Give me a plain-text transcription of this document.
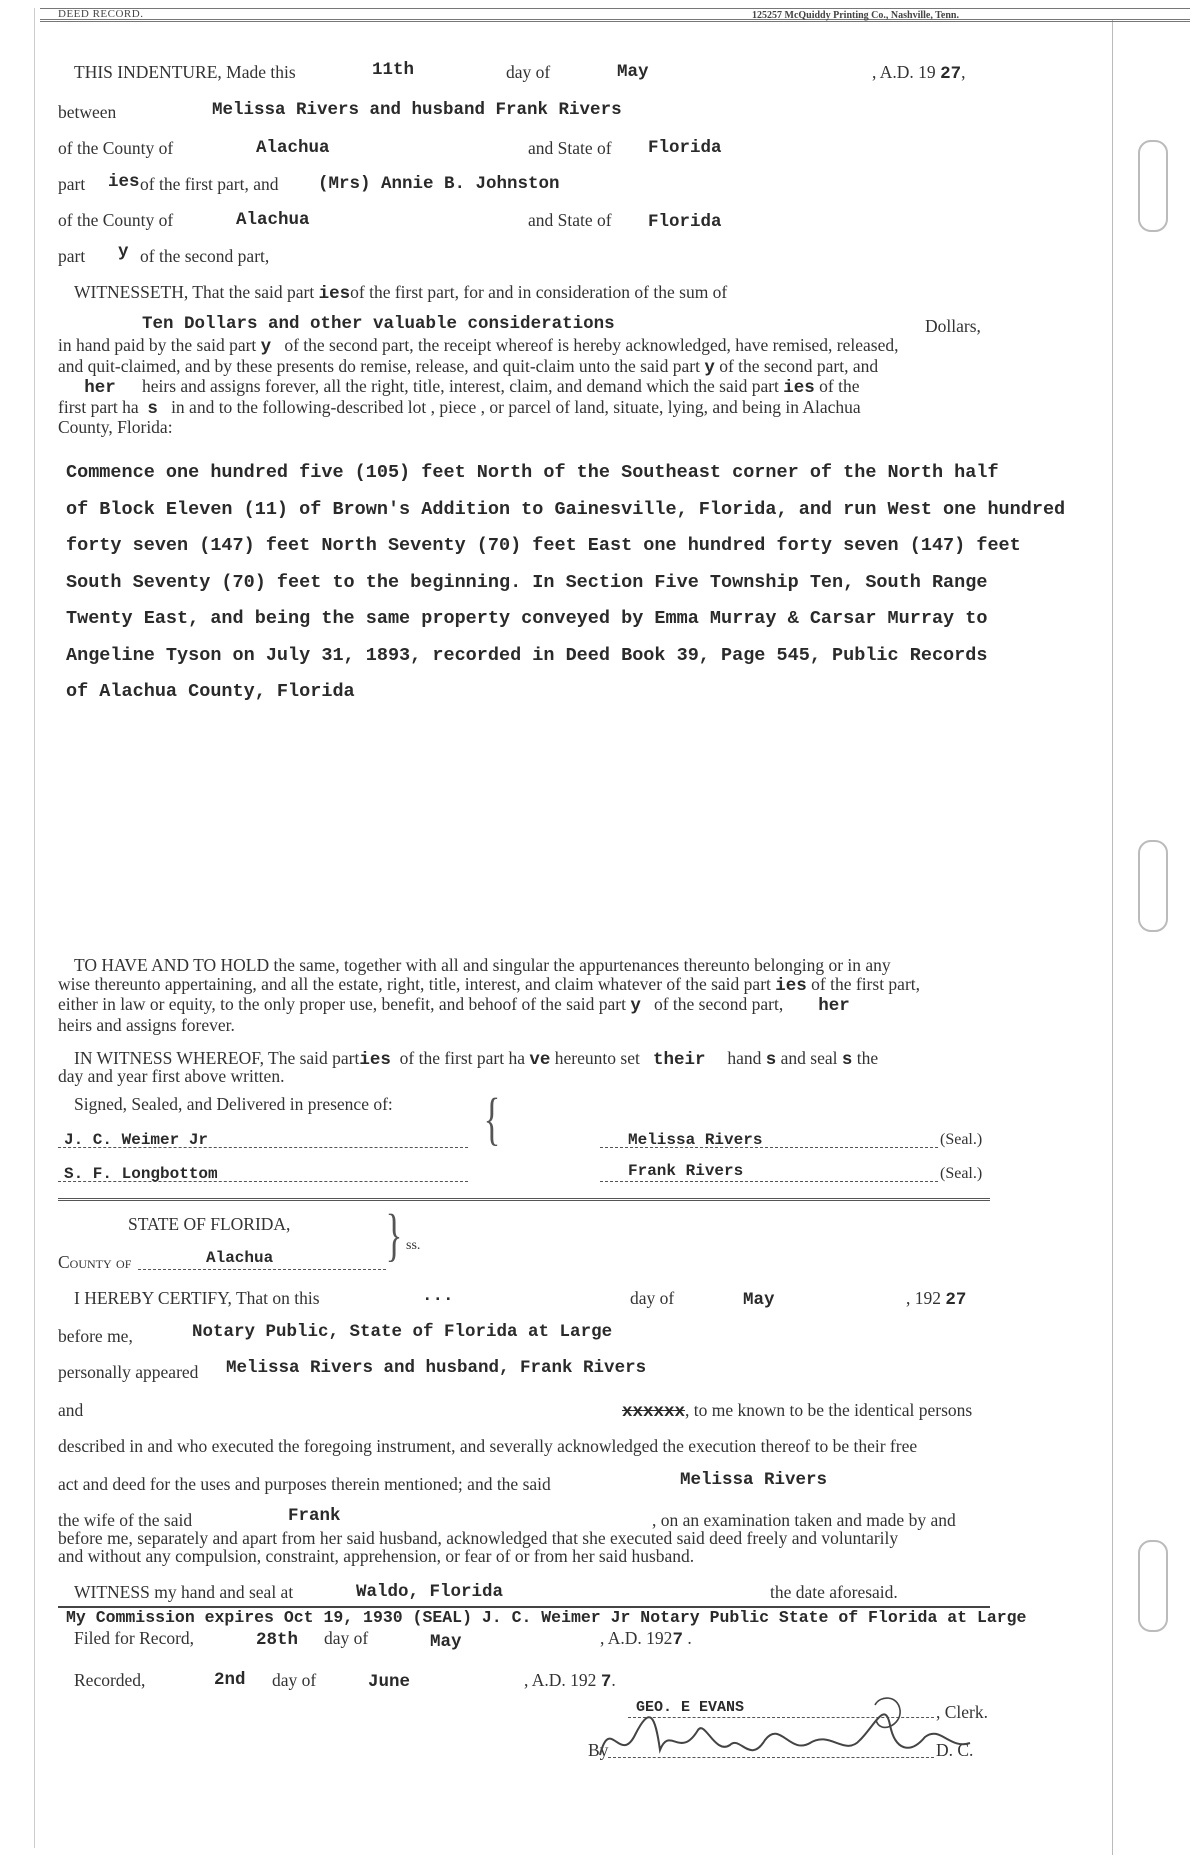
DEED RECORD.	125257 McQuiddy Printing Co., Nashville, Tenn.
THIS INDENTURE, Made this	11th	day of	May	, A.D. 19 27,
between	Melissa Rivers and husband Frank Rivers
of the County of	Alachua	and State of Florida
part ies of the first part, and (Mrs) Annie B. Johnston
of the County of	Alachua	and State of Florida
part y of the second part,
WITNESSETH, That the said part iesof the first part, for and in consideration of the sum of
Ten Dollars and other valuable considerations	Dollars,
in hand paid by the said part y of the second part, the receipt whereof is hereby acknowledged, have remised, released,
and quit-claimed, and by these presents do remise, release, and quit-claim unto the said part y of the second part, and
her heirs and assigns forever, all the right, title, interest, claim, and demand which the said part ies of the
first part ha s in and to the following-described lot , piece , or parcel of land, situate, lying, and being in Alachua
County, Florida:
Commence one hundred five (105) feet North of the Southeast corner of the North half
of Block Eleven (11) of Brown's Addition to Gainesville, Florida, and run West one hundred
forty seven (147) feet North Seventy (70) feet East one hundred forty seven (147) feet
South Seventy (70) feet to the beginning. In Section Five Township Ten, South Range
Twenty East, and being the same property conveyed by Emma Murray & Carsar Murray to
Angeline Tyson on July 31, 1893, recorded in Deed Book 39, Page 545, Public Records
of Alachua County, Florida
TO HAVE AND TO HOLD the same, together with all and singular the appurtenances thereunto belonging or in any
wise thereunto appertaining, and all the estate, right, title, interest, and claim whatever of the said part ies of the first part,
either in law or equity, to the only proper use, benefit, and behoof of the said part y of the second part, her
heirs and assigns forever.
IN WITNESS WHEREOF, The said parties of the first part ha ve hereunto set their hand s and seal s the
day and year first above written.
Signed, Sealed, and Delivered in presence of: {
J. C. Weimer Jr
S. F. Longbottom
Melissa Rivers	(Seal.)
Frank Rivers	(Seal.)
STATE OF FLORIDA,
County of	Alachua } ss.
I HEREBY CERTIFY, That on this	...	day of	May	, 192 27
before me,	Notary Public, State of Florida at Large
personally appeared Melissa Rivers and husband, Frank Rivers
and	xxxxxx, to me known to be the identical persons
described in and who executed the foregoing instrument, and severally acknowledged the execution thereof to be their free
act and deed for the uses and purposes therein mentioned; and the said	Melissa Rivers
the wife of the said	Frank	, on an examination taken and made by and
before me, separately and apart from her said husband, acknowledged that she executed said deed freely and voluntarily
and without any compulsion, constraint, apprehension, or fear of or from her said husband.
WITNESS my hand and seal at	Waldo, Florida	the date aforesaid.
My Commission expires Oct 19, 1930 (SEAL) J. C. Weimer Jr Notary Public State of Florida at Large
Filed for Record,	28th day of	May	, A.D. 1927 .
Recorded,	2nd day of	June	, A.D. 192 7.
GEO. E EVANS	, Clerk.
By	D. C.
